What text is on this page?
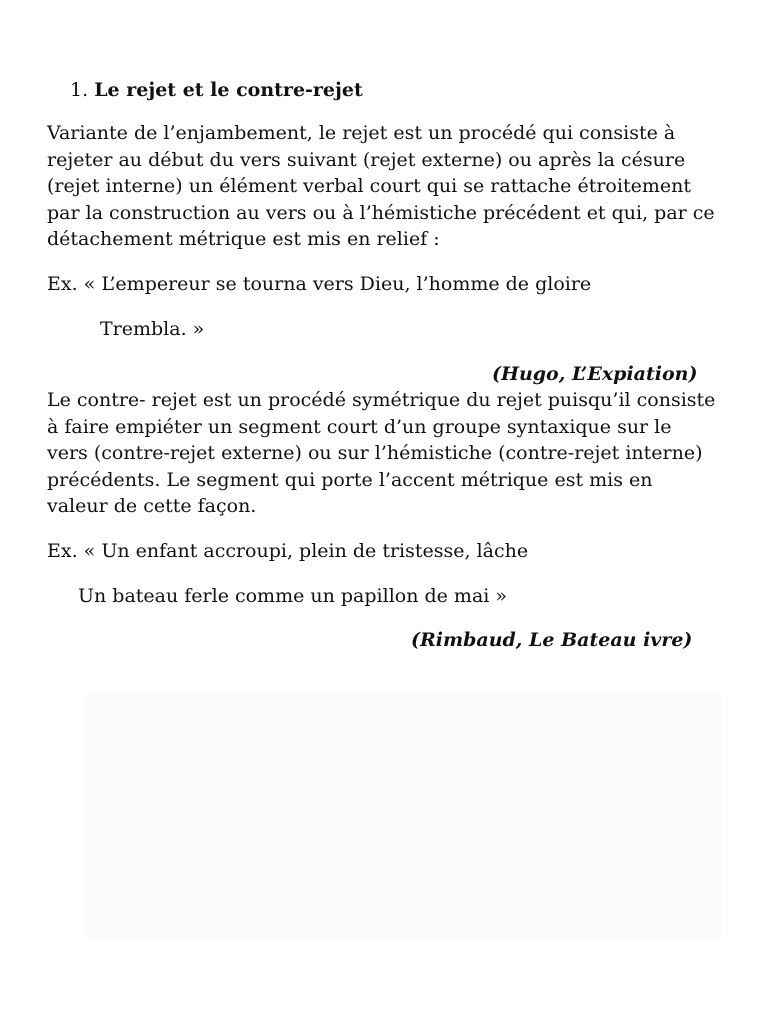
1. Le rejet et le contre-rejet
Variante de l’enjambement, le rejet est un procédé qui consiste à
rejeter au début du vers suivant (rejet externe) ou après la césure
(rejet interne) un élément verbal court qui se rattache étroitement
par la construction au vers ou à l’hémistiche précédent et qui, par ce
détachement métrique est mis en relief :
Ex. « L’empereur se tourna vers Dieu, l’homme de gloire
Trembla. »
(Hugo, L’Expiation)
Le contre- rejet est un procédé symétrique du rejet puisqu’il consiste
à faire empiéter un segment court d’un groupe syntaxique sur le
vers (contre-rejet externe) ou sur l’hémistiche (contre-rejet interne)
précédents. Le segment qui porte l’accent métrique est mis en
valeur de cette façon.
Ex. « Un enfant accroupi, plein de tristesse, lâche
Un bateau ferle comme un papillon de mai »
(Rimbaud, Le Bateau ivre)
